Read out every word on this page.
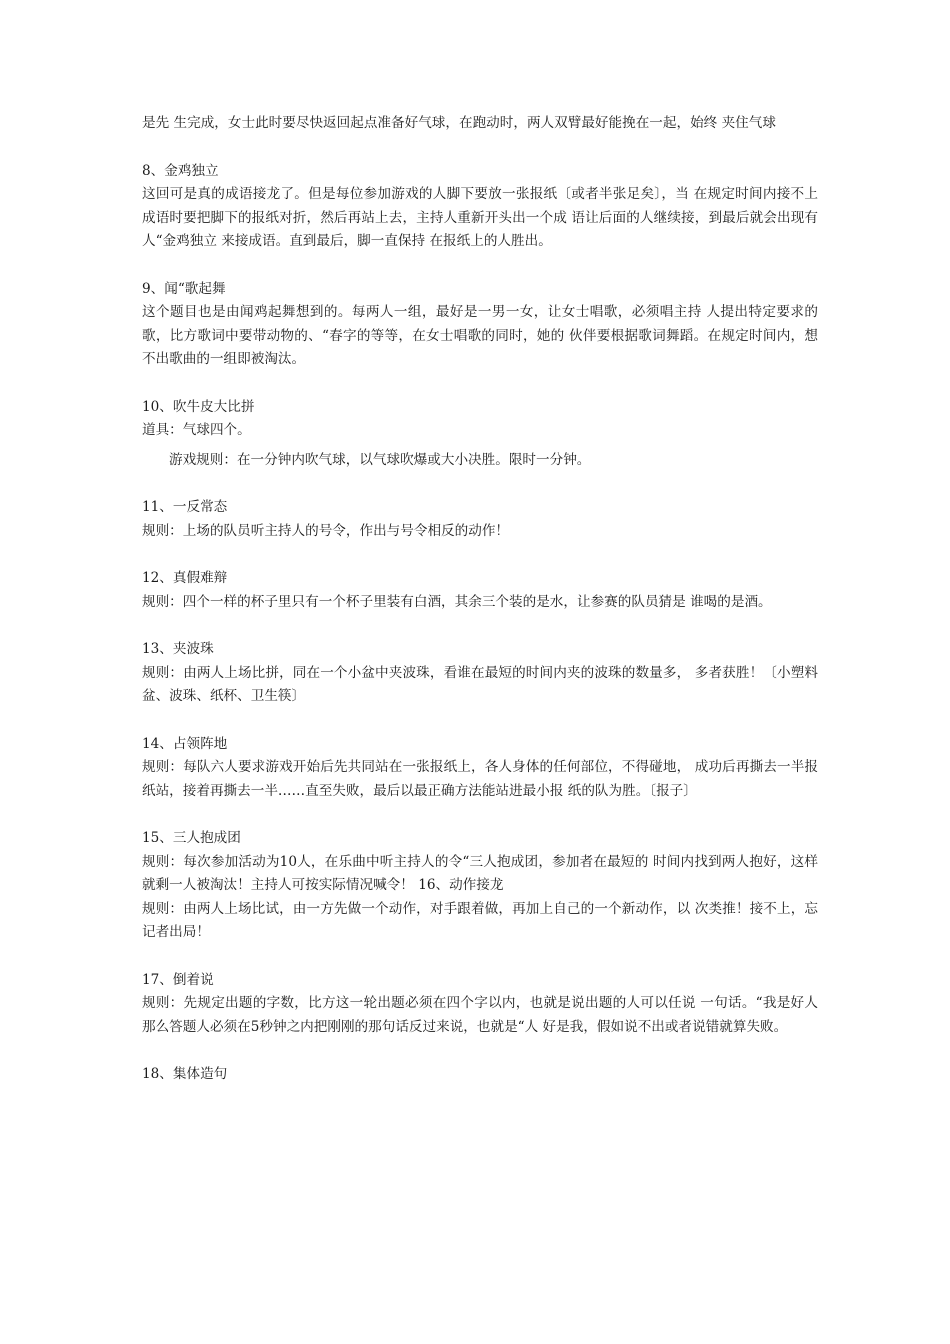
是先 生完成，女士此时要尽快返回起点准备好气球，在跑动时，两人双臂最好能挽在一起，始终 夹住气球

8、金鸡独立

这回可是真的成语接龙了。但是每位参加游戏的人脚下要放一张报纸〔或者半张足矣〕，当 在规定时间内接不上成语时要把脚下的报纸对折，然后再站上去，主持人重新开头出一个成 语让后面的人继续接，到最后就会出现有人“金鸡独立 来接成语。直到最后，脚一直保持 在报纸上的人胜出。

9、闻“歌起舞

这个题目也是由闻鸡起舞想到的。每两人一组，最好是一男一女，让女士唱歌，必须唱主持 人提出特定要求的歌，比方歌词中要带动物的、“春字的等等，在女士唱歌的同时，她的 伙伴要根据歌词舞蹈。在规定时间内，想不出歌曲的一组即被淘汰。

10、吹牛皮大比拼

道具：气球四个。

游戏规则：在一分钟内吹气球，以气球吹爆或大小决胜。限时一分钟。

11、一反常态

规则：上场的队员听主持人的号令，作出与号令相反的动作！

12、真假难辩

规则：四个一样的杯子里只有一个杯子里装有白酒，其余三个装的是水，让参赛的队员猜是 谁喝的是酒。

13、夹波珠

规则：由两人上场比拼，同在一个小盆中夹波珠，看谁在最短的时间内夹的波珠的数量多， 多者获胜！〔小塑料盆、波珠、纸杯、卫生筷〕

14、占领阵地

规则：每队六人要求游戏开始后先共同站在一张报纸上，各人身体的任何部位，不得碰地， 成功后再撕去一半报纸站，接着再撕去一半……直至失败，最后以最正确方法能站进最小报 纸的队为胜。〔报子〕

15、三人抱成团

规则：每次参加活动为10人，在乐曲中听主持人的令“三人抱成团，参加者在最短的 时间内找到两人抱好，这样就剩一人被淘汰！主持人可按实际情况喊令！ 16、动作接龙

规则：由两人上场比试，由一方先做一个动作，对手跟着做，再加上自己的一个新动作，以 次类推！接不上，忘记者出局！

17、倒着说

规则：先规定出题的字数，比方这一轮出题必须在四个字以内，也就是说出题的人可以任说 一句话。“我是好人 那么答题人必须在5秒钟之内把刚刚的那句话反过来说，也就是“人 好是我，假如说不出或者说错就算失败。

18、集体造句
